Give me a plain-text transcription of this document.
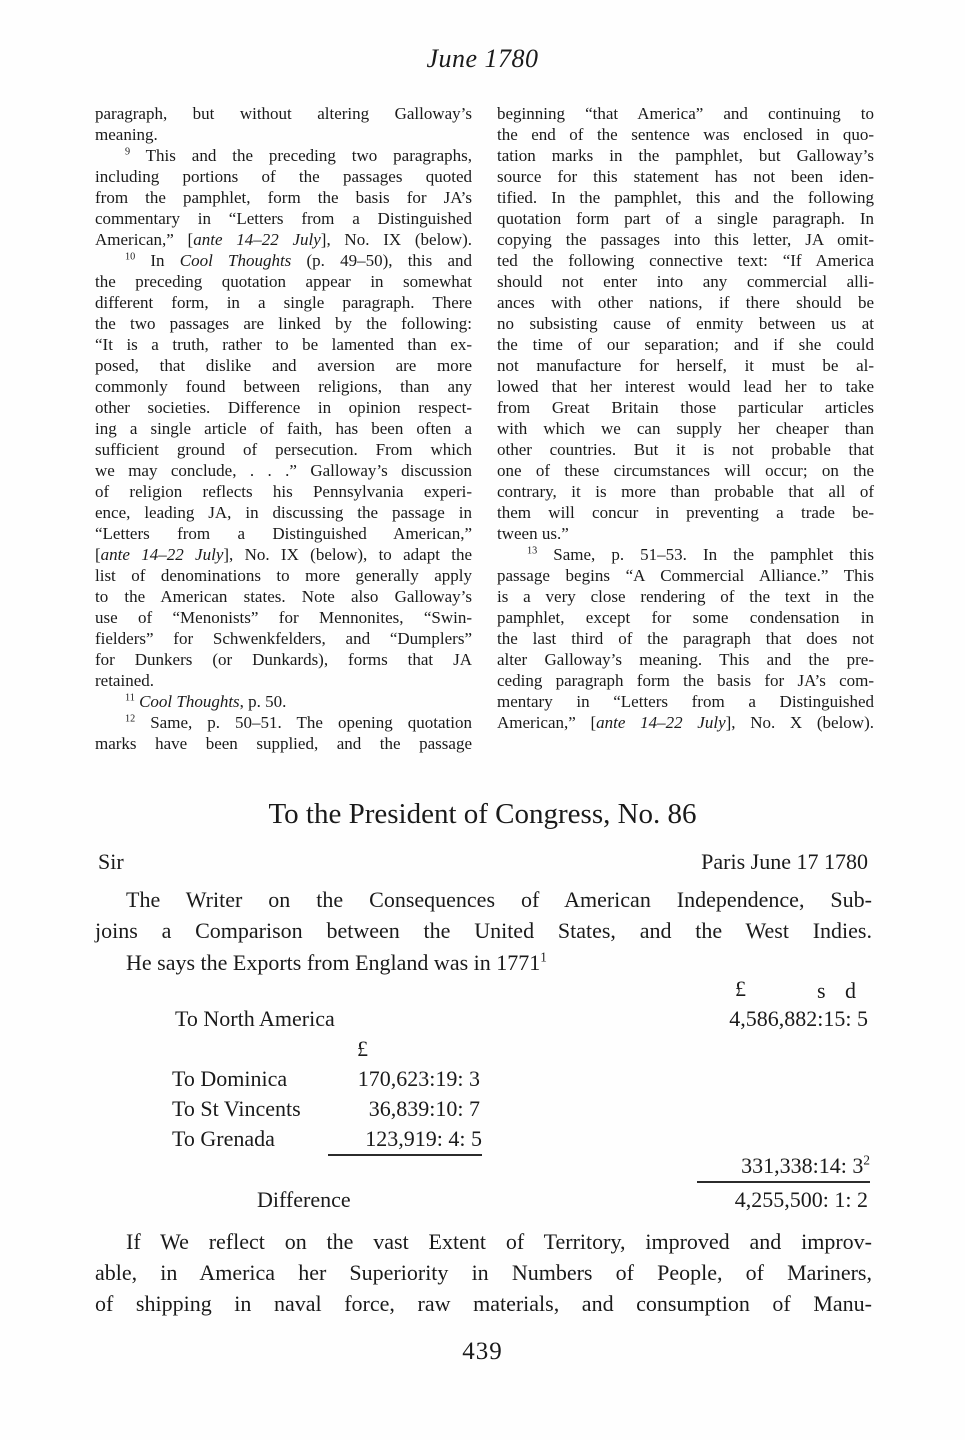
June 1780
paragraph, but without altering Galloway’s
meaning.
$^9$ This and the preceding two paragraphs,
including portions of the passages quoted
from the pamphlet, form the basis for JA’s
commentary in “Letters from a Distinguished
American,” [ante 14–22 July], No. IX (below).
$^{10}$ In Cool Thoughts (p. 49–50), this and
the preceding quotation appear in somewhat
different form, in a single paragraph. There
the two passages are linked by the following:
“It is a truth, rather to be lamented than ex-
posed, that dislike and aversion are more
commonly found between religions, than any
other societies. Difference in opinion respect-
ing a single article of faith, has been often a
sufficient ground of persecution. From which
we may conclude, . . .” Galloway’s discussion
of religion reflects his Pennsylvania experi-
ence, leading JA, in discussing the passage in
“Letters from a Distinguished American,”
[ante 14–22 July], No. IX (below), to adapt the
list of denominations to more generally apply
to the American states. Note also Galloway’s
use of “Menonists” for Mennonites, “Swin-
fielders” for Schwenkfelders, and “Dumplers”
for Dunkers (or Dunkards), forms that JA
retained.
$^{11}$ Cool Thoughts, p. 50.
$^{12}$ Same, p. 50–51. The opening quotation
marks have been supplied, and the passage
beginning “that America” and continuing to
the end of the sentence was enclosed in quo-
tation marks in the pamphlet, but Galloway’s
source for this statement has not been iden-
tified. In the pamphlet, this and the following
quotation form part of a single paragraph. In
copying the passages into this letter, JA omit-
ted the following connective text: “If America
should not enter into any commercial alli-
ances with other nations, if there should be
no subsisting cause of enmity between us at
the time of our separation; and if she could
not manufacture for herself, it must be al-
lowed that her interest would lead her to take
from Great Britain those particular articles
with which we can supply her cheaper than
other countries. But it is not probable that
one of these circumstances will occur; on the
contrary, it is more than probable that all of
them will concur in preventing a trade be-
tween us.”
$^{13}$ Same, p. 51–53. In the pamphlet this
passage begins “A Commercial Alliance.” This
is a very close rendering of the text in the
pamphlet, except for some condensation in
the last third of the paragraph that does not
alter Galloway’s meaning. This and the pre-
ceding paragraph form the basis for JA’s com-
mentary in “Letters from a Distinguished
American,” [ante 14–22 July], No. X (below).
To the President of Congress, No. 86
Sir	Paris June 17 1780
The Writer on the Consequences of American Independence, Sub-
joins a Comparison between the United States, and the West Indies.
He says the Exports from England was in 1771$^1$
£	s d
To North America	4,586,882:15: 5
£
To Dominica	170,623:19: 3
To St Vincents	36,839:10: 7
To Grenada	123,919: 4: 5
331,338:14: $3^2$
Difference	4,255,500: 1: 2
If We reflect on the vast Extent of Territory, improved and improv-
able, in America her Superiority in Numbers of People, of Mariners,
of shipping in naval force, raw materials, and consumption of Manu-
439
